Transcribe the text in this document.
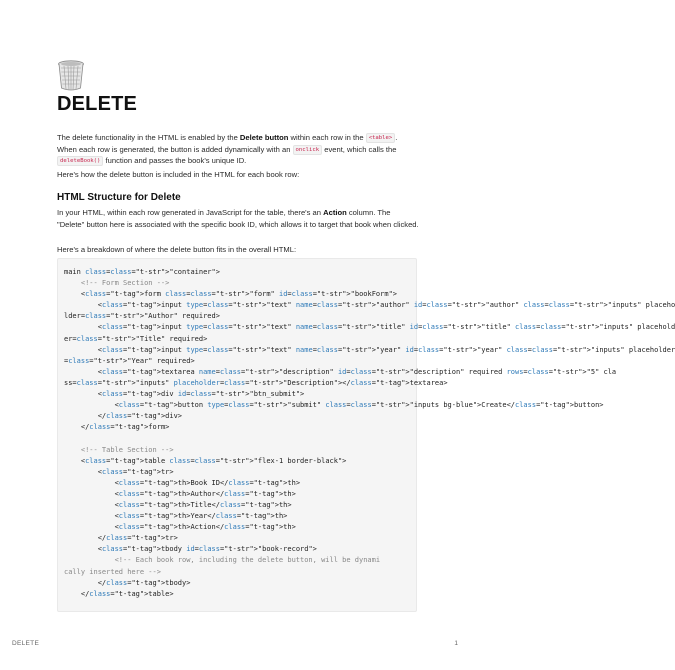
DELETE

The delete functionality in the HTML is enabled by the Delete button within each row in the <table> . When each row is generated, the button is added dynamically with an onclick event, which calls the deleteBook() function and passes the book's unique ID.

Here's how the delete button is included in the HTML for each book row:

HTML Structure for Delete

In your HTML, within each row generated in JavaScript for the table, there's an Action column. The "Delete" button here is associated with the specific book ID, which allows it to target that book when clicked.

Here's a breakdown of where the delete button fits in the overall HTML:

main class=class="t-str">"container">
<!-- Form Section -->
<class="t-tag">form class=class="t-str">"form" id=class="t-str">"bookForm">
<class="t-tag">input type=class="t-str">"text" name=class="t-str">"author" id=class="t-str">"author" class=class="t-str">"inputs" placeho
lder=class="t-str">"Author" required>
<class="t-tag">input type=class="t-str">"text" name=class="t-str">"title" id=class="t-str">"title" class=class="t-str">"inputs" placehold
er=class="t-str">"Title" required>
<class="t-tag">input type=class="t-str">"text" name=class="t-str">"year" id=class="t-str">"year" class=class="t-str">"inputs" placeholder
=class="t-str">"Year" required>
<class="t-tag">textarea name=class="t-str">"description" id=class="t-str">"description" required rows=class="t-str">"5" cla
ss=class="t-str">"inputs" placeholder=class="t-str">"Description"></class="t-tag">textarea>
<class="t-tag">div id=class="t-str">"btn_submit">
<class="t-tag">button type=class="t-str">"submit" class=class="t-str">"inputs bg-blue">Create</class="t-tag">button>
</class="t-tag">div>
</class="t-tag">form>
<!-- Table Section -->
<class="t-tag">table class=class="t-str">"flex-1 border-black">
<class="t-tag">tr>
<class="t-tag">th>Book ID</class="t-tag">th>
<class="t-tag">th>Author</class="t-tag">th>
<class="t-tag">th>Title</class="t-tag">th>
<class="t-tag">th>Year</class="t-tag">th>
<class="t-tag">th>Action</class="t-tag">th>
</class="t-tag">tr>
<class="t-tag">tbody id=class="t-str">"book-record">
<!-- Each book row, including the delete button, will be dynami
cally inserted here -->
</class="t-tag">tbody>
</class="t-tag">table>
DELETE	1
